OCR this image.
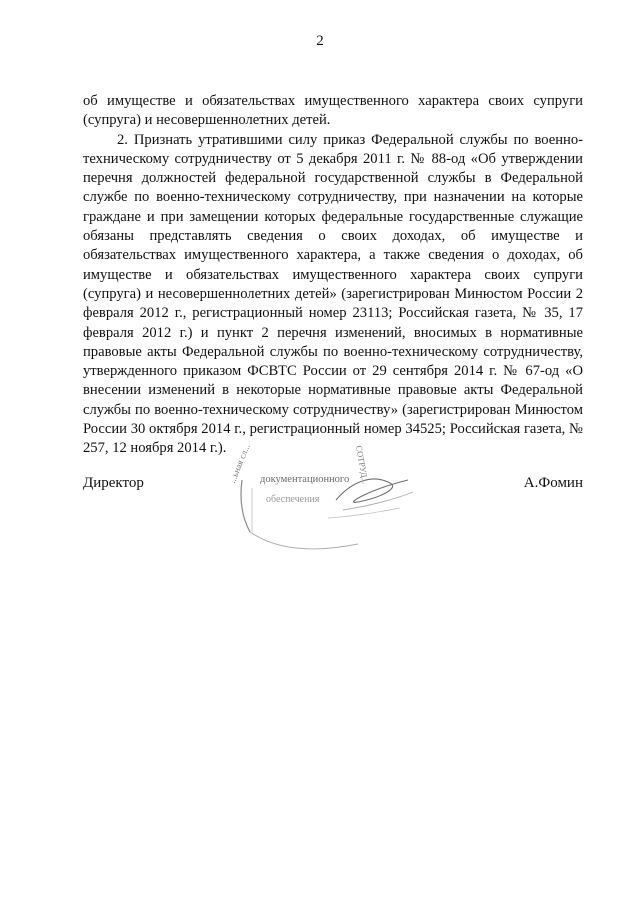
2

об имуществе и обязательствах имущественного характера своих супруги (супруга) и несовершеннолетних детей.

2. Признать утратившими силу приказ Федеральной службы по военно-техническому сотрудничеству от 5 декабря 2011 г. № 88-од «Об утверждении перечня должностей федеральной государственной службы в Федеральной службе по военно-техническому сотрудничеству, при назначении на которые граждане и при замещении которых федеральные государственные служащие обязаны представлять сведения о своих доходах, об имуществе и обязательствах имущественного характера, а также сведения о доходах, об имуществе и обязательствах имущественного характера своих супруги (супруга) и несовершеннолетних детей» (зарегистрирован Минюстом России 2 февраля 2012 г., регистрационный номер 23113; Российская газета, № 35, 17 февраля 2012 г.) и пункт 2 перечня изменений, вносимых в нормативные правовые акты Федеральной службы по военно-техническому сотрудничеству, утвержденного приказом ФСВТС России от 29 сентября 2014 г. № 67-од «О внесении изменений в некоторые нормативные правовые акты Федеральной службы по военно-техническому сотрудничеству» (зарегистрирован Минюстом России 30 октября 2014 г., регистрационный номер 34525; Российская газета, № 257, 12 ноября 2014 г.).

Директор	А.Фомин
...ьная сл... документационного СОТРУД...
обеспечения
